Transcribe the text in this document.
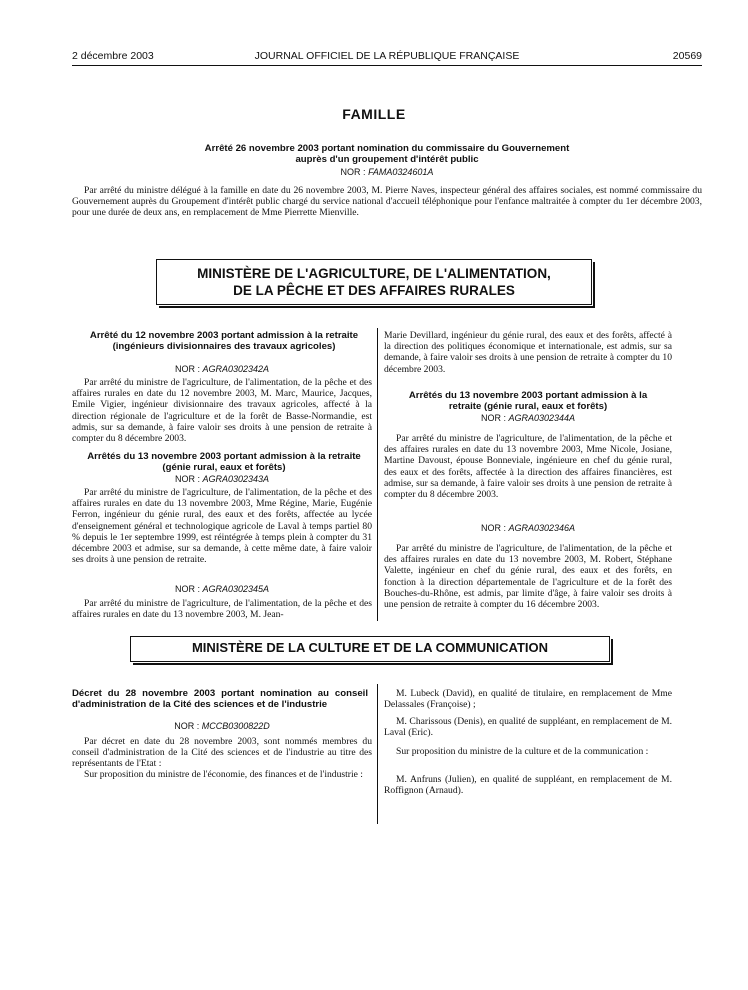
2 décembre 2003	JOURNAL OFFICIEL DE LA RÉPUBLIQUE FRANÇAISE	20569
FAMILLE
Arrêté 26 novembre 2003 portant nomination du commissaire du Gouvernement
auprès d'un groupement d'intérêt public
NOR : FAMA0324601A

Par arrêté du ministre délégué à la famille en date du 26 novembre 2003, M. Pierre Naves, inspecteur général des affaires sociales, est nommé commissaire du Gouvernement auprès du Groupement d'intérêt public chargé du service national d'accueil téléphonique pour l'enfance maltraitée à compter du 1er décembre 2003, pour une durée de deux ans, en remplacement de Mme Pierrette Mienville.

MINISTÈRE DE L'AGRICULTURE, DE L'ALIMENTATION,
DE LA PÊCHE ET DES AFFAIRES RURALES
Arrêté du 12 novembre 2003 portant admission à la retraite (ingénieurs divisionnaires des travaux agricoles)
NOR : AGRA0302342A

Par arrêté du ministre de l'agriculture, de l'alimentation, de la pêche et des affaires rurales en date du 12 novembre 2003, M. Marc, Maurice, Jacques, Emile Vigier, ingénieur divisionnaire des travaux agricoles, affecté à la direction régionale de l'agriculture et de la forêt de Basse-Normandie, est admis, sur sa demande, à faire valoir ses droits à une pension de retraite à compter du 8 décembre 2003.

Arrêtés du 13 novembre 2003 portant admission à la retraite (génie rural, eaux et forêts)
NOR : AGRA0302343A

Par arrêté du ministre de l'agriculture, de l'alimentation, de la pêche et des affaires rurales en date du 13 novembre 2003, Mme Régine, Marie, Eugénie Ferron, ingénieur du génie rural, des eaux et des forêts, affectée au lycée d'enseignement général et technologique agricole de Laval à temps partiel 80 % depuis le 1er septembre 1999, est réintégrée à temps plein à compter du 31 décembre 2003 et admise, sur sa demande, à cette même date, à faire valoir ses droits à une pension de retraite.

NOR : AGRA0302345A

Par arrêté du ministre de l'agriculture, de l'alimentation, de la pêche et des affaires rurales en date du 13 novembre 2003, M. Jean-

Marie Devillard, ingénieur du génie rural, des eaux et des forêts, affecté à la direction des politiques économique et internationale, est admis, sur sa demande, à faire valoir ses droits à une pension de retraite à compter du 10 décembre 2003.

Arrêtés du 13 novembre 2003 portant admission à la retraite (génie rural, eaux et forêts)
NOR : AGRA0302344A

Par arrêté du ministre de l'agriculture, de l'alimentation, de la pêche et des affaires rurales en date du 13 novembre 2003, Mme Nicole, Josiane, Martine Davoust, épouse Bonneviale, ingénieure en chef du génie rural, des eaux et des forêts, affectée à la direction des affaires financières, est admise, sur sa demande, à faire valoir ses droits à une pension de retraite à compter du 8 décembre 2003.

NOR : AGRA0302346A

Par arrêté du ministre de l'agriculture, de l'alimentation, de la pêche et des affaires rurales en date du 13 novembre 2003, M. Robert, Stéphane Valette, ingénieur en chef du génie rural, des eaux et des forêts, en fonction à la direction départementale de l'agriculture et de la forêt des Bouches-du-Rhône, est admis, par limite d'âge, à faire valoir ses droits à une pension de retraite à compter du 16 décembre 2003.

MINISTÈRE DE LA CULTURE ET DE LA COMMUNICATION
Décret du 28 novembre 2003 portant nomination au conseil d'administration de la Cité des sciences et de l'industrie
NOR : MCCB0300822D

Par décret en date du 28 novembre 2003, sont nommés membres du conseil d'administration de la Cité des sciences et de l'industrie au titre des représentants de l'Etat :

Sur proposition du ministre de l'économie, des finances et de l'industrie :

M. Lubeck (David), en qualité de titulaire, en remplacement de Mme Delassales (Françoise) ;

M. Charissous (Denis), en qualité de suppléant, en remplacement de M. Laval (Eric).

Sur proposition du ministre de la culture et de la communication :

M. Anfruns (Julien), en qualité de suppléant, en remplacement de M. Roffignon (Arnaud).
